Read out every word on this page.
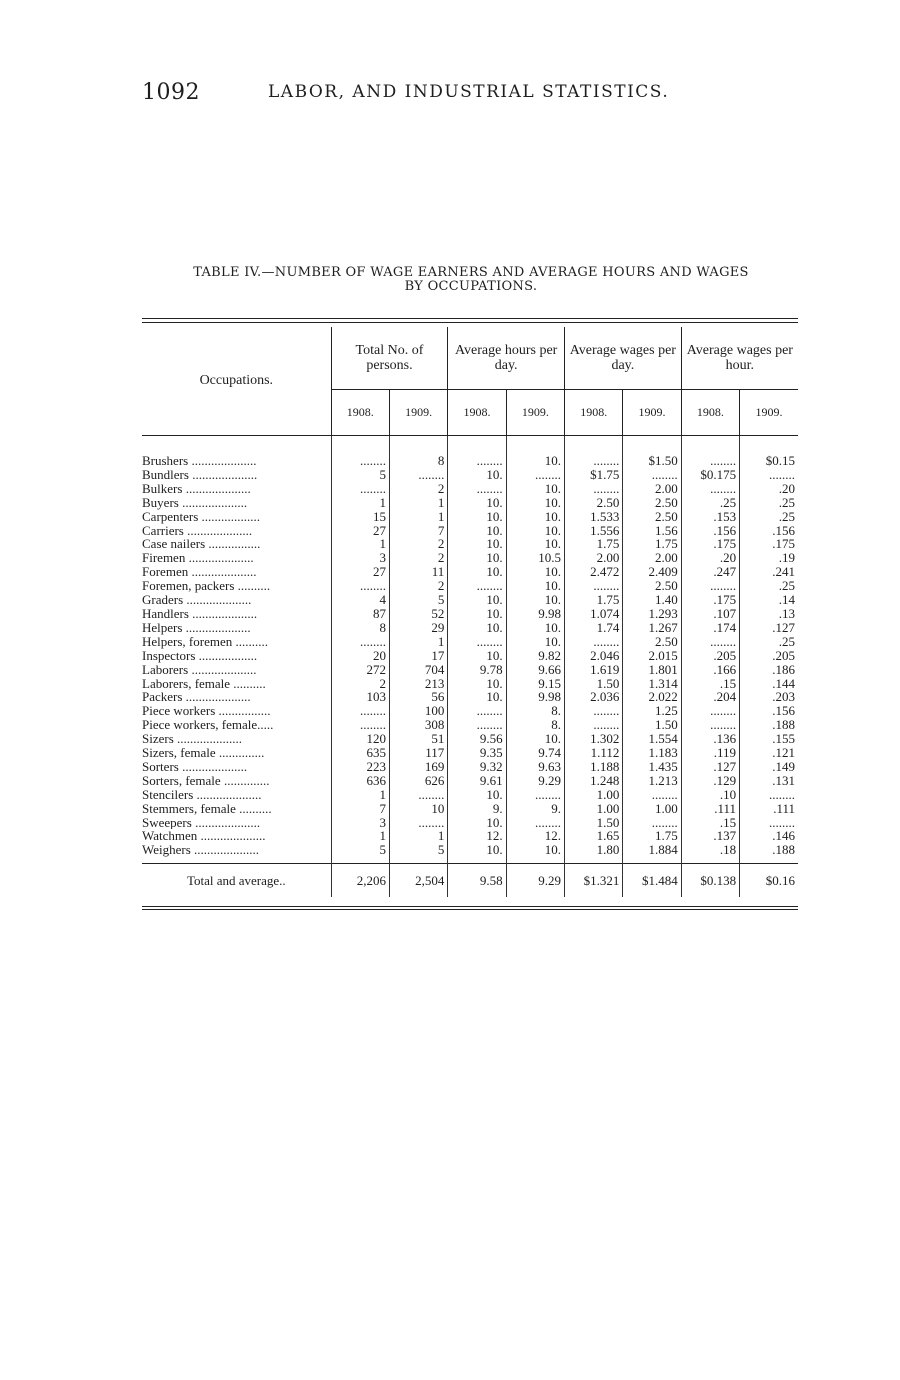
1092	LABOR, AND INDUSTRIAL STATISTICS.
TABLE IV.—NUMBER OF WAGE EARNERS AND AVERAGE HOURS AND WAGES
BY OCCUPATIONS.
Occupations.	Total No. of persons.		Average hours per day.		Average wages per day.		Average wages per hour.	
	1908.	1909.	1908.	1909.	1908.	1909.	1908.	1909.
Brushers ....................	........	8	........	10.	........	$1.50	........	$0.15
Bundlers ....................	5	........	10.	........	$1.75	........	$0.175	........
Bulkers ....................	........	2	........	10.	........	2.00	........	.20
Buyers ....................	1	1	10.	10.	2.50	2.50	.25	.25
Carpenters ..................	15	1	10.	10.	1.533	2.50	.153	.25
Carriers ....................	27	7	10.	10.	1.556	1.56	.156	.156
Case nailers ................	1	2	10.	10.	1.75	1.75	.175	.175
Firemen ....................	3	2	10.	10.5	2.00	2.00	.20	.19
Foremen ....................	27	11	10.	10.	2.472	2.409	.247	.241
Foremen, packers ..........	........	2	........	10.	........	2.50	........	.25
Graders ....................	4	5	10.	10.	1.75	1.40	.175	.14
Handlers ....................	87	52	10.	9.98	1.074	1.293	.107	.13
Helpers ....................	8	29	10.	10.	1.74	1.267	.174	.127
Helpers, foremen ..........	........	1	........	10.	........	2.50	........	.25
Inspectors ..................	20	17	10.	9.82	2.046	2.015	.205	.205
Laborers ....................	272	704	9.78	9.66	1.619	1.801	.166	.186
Laborers, female ..........	2	213	10.	9.15	1.50	1.314	.15	.144
Packers ....................	103	56	10.	9.98	2.036	2.022	.204	.203
Piece workers ................	........	100	........	8.	........	1.25	........	.156
Piece workers, female.....	........	308	........	8.	........	1.50	........	.188
Sizers ....................	120	51	9.56	10.	1.302	1.554	.136	.155
Sizers, female ..............	635	117	9.35	9.74	1.112	1.183	.119	.121
Sorters ....................	223	169	9.32	9.63	1.188	1.435	.127	.149
Sorters, female ..............	636	626	9.61	9.29	1.248	1.213	.129	.131
Stencilers ....................	1	........	10.	........	1.00	........	.10	........
Stemmers, female ..........	7	10	9.	9.	1.00	1.00	.111	.111
Sweepers ....................	3	........	10.	........	1.50	........	.15	........
Watchmen ....................	1	1	12.	12.	1.65	1.75	.137	.146
Weighers ....................	5	5	10.	10.	1.80	1.884	.18	.188
Total and average..	2,206	2,504	9.58	9.29	$1.321	$1.484	$0.138	$0.16
